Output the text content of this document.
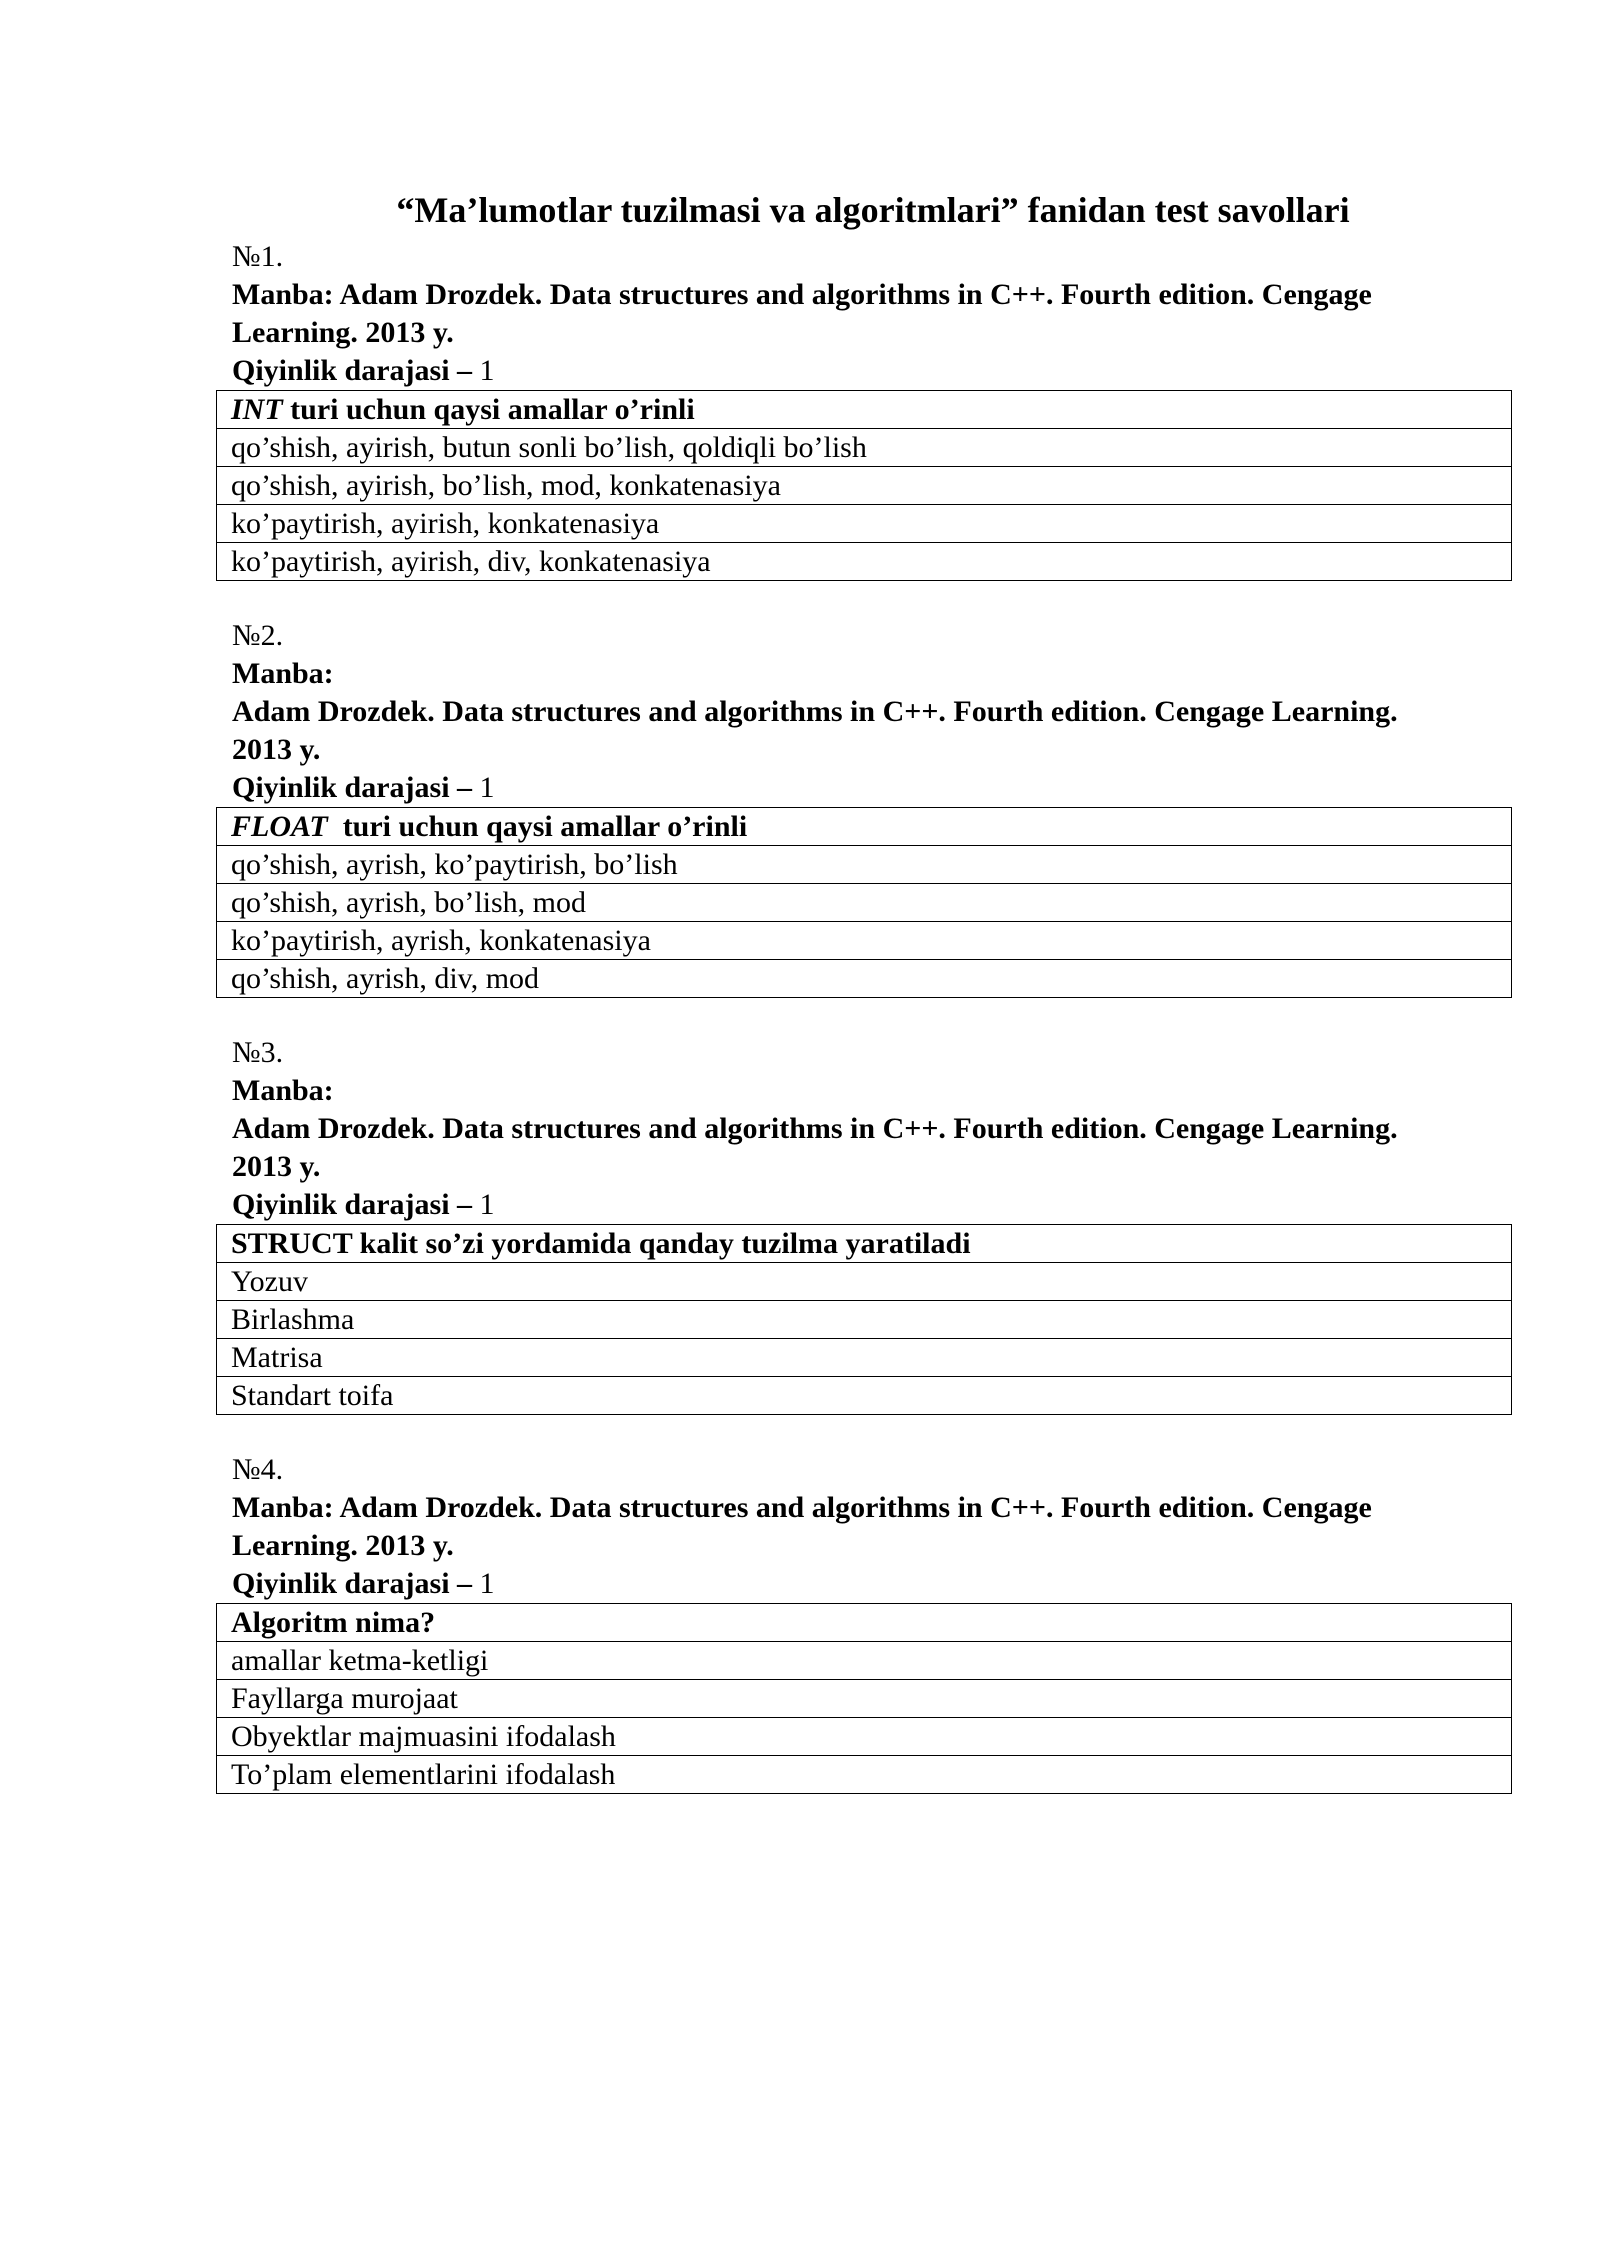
“Ma’lumotlar tuzilmasi va algoritmlari” fanidan test savollari
№1.
Manba: Adam Drozdek. Data structures and algorithms in C++. Fourth edition. Cengage
Learning. 2013 y.
Qiyinlik darajasi – 1
INT turi uchun qaysi amallar o’rinli
qo’shish, ayirish, butun sonli bo’lish, qoldiqli bo’lish
qo’shish, ayirish, bo’lish, mod, konkatenasiya
ko’paytirish, ayirish, konkatenasiya
ko’paytirish, ayirish, div, konkatenasiya
№2.
Manba:
Adam Drozdek. Data structures and algorithms in C++. Fourth edition. Cengage Learning.
2013 y.
Qiyinlik darajasi – 1
FLOAT  turi uchun qaysi amallar o’rinli
qo’shish, ayrish, ko’paytirish, bo’lish
qo’shish, ayrish, bo’lish, mod
ko’paytirish, ayrish, konkatenasiya
qo’shish, ayrish, div, mod
№3.
Manba:
Adam Drozdek. Data structures and algorithms in C++. Fourth edition. Cengage Learning.
2013 y.
Qiyinlik darajasi – 1
STRUCT kalit so’zi yordamida qanday tuzilma yaratiladi
Yozuv
Birlashma
Matrisa
Standart toifa
№4.
Manba: Adam Drozdek. Data structures and algorithms in C++. Fourth edition. Cengage
Learning. 2013 y.
Qiyinlik darajasi – 1
Algoritm nima?
amallar ketma-ketligi
Fayllarga murojaat
Obyektlar majmuasini ifodalash
To’plam elementlarini ifodalash
